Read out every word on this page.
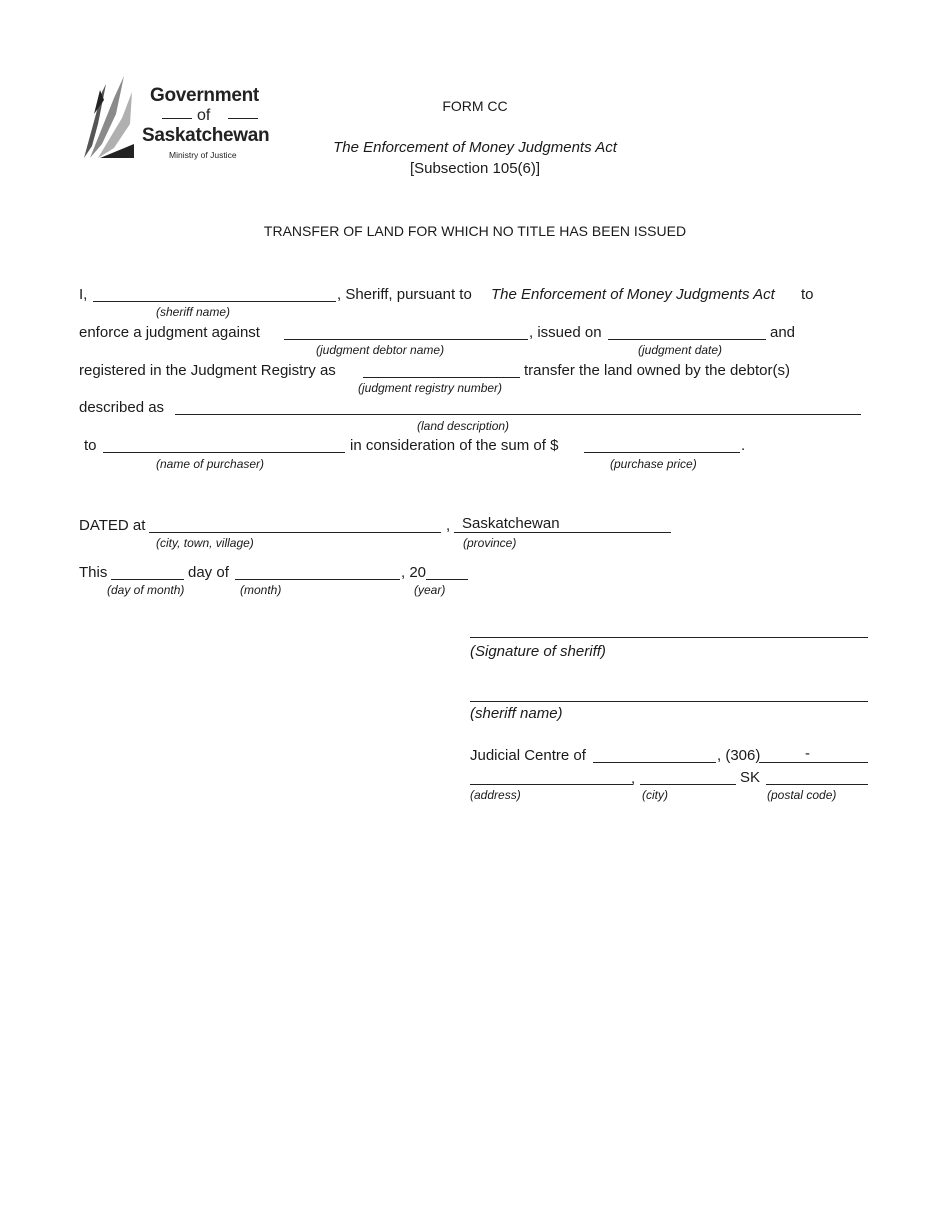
Government
of
Saskatchewan
Ministry of Justice
FORM CC
The Enforcement of Money Judgments Act
[Subsection 105(6)]
TRANSFER OF LAND FOR WHICH NO TITLE HAS BEEN ISSUED
I,	, Sheriff, pursuant to The Enforcement of Money Judgments Act to
(sheriff name)
enforce a judgment against	, issued on	and
(judgment debtor name)	(judgment date)
registered in the Judgment Registry as	transfer the land owned by the debtor(s)
(judgment registry number)
described as
(land description)
to	in consideration of the sum of $	.
(name of purchaser)	(purchase price)
DATED at	, Saskatchewan
(city, town, village)	(province)
This	day of	, 20
(day of month)	(month)	(year)
(Signature of sheriff)
(sheriff name)
Judicial Centre of	, (306)	-
,	SK
(address)	(city)	(postal code)
